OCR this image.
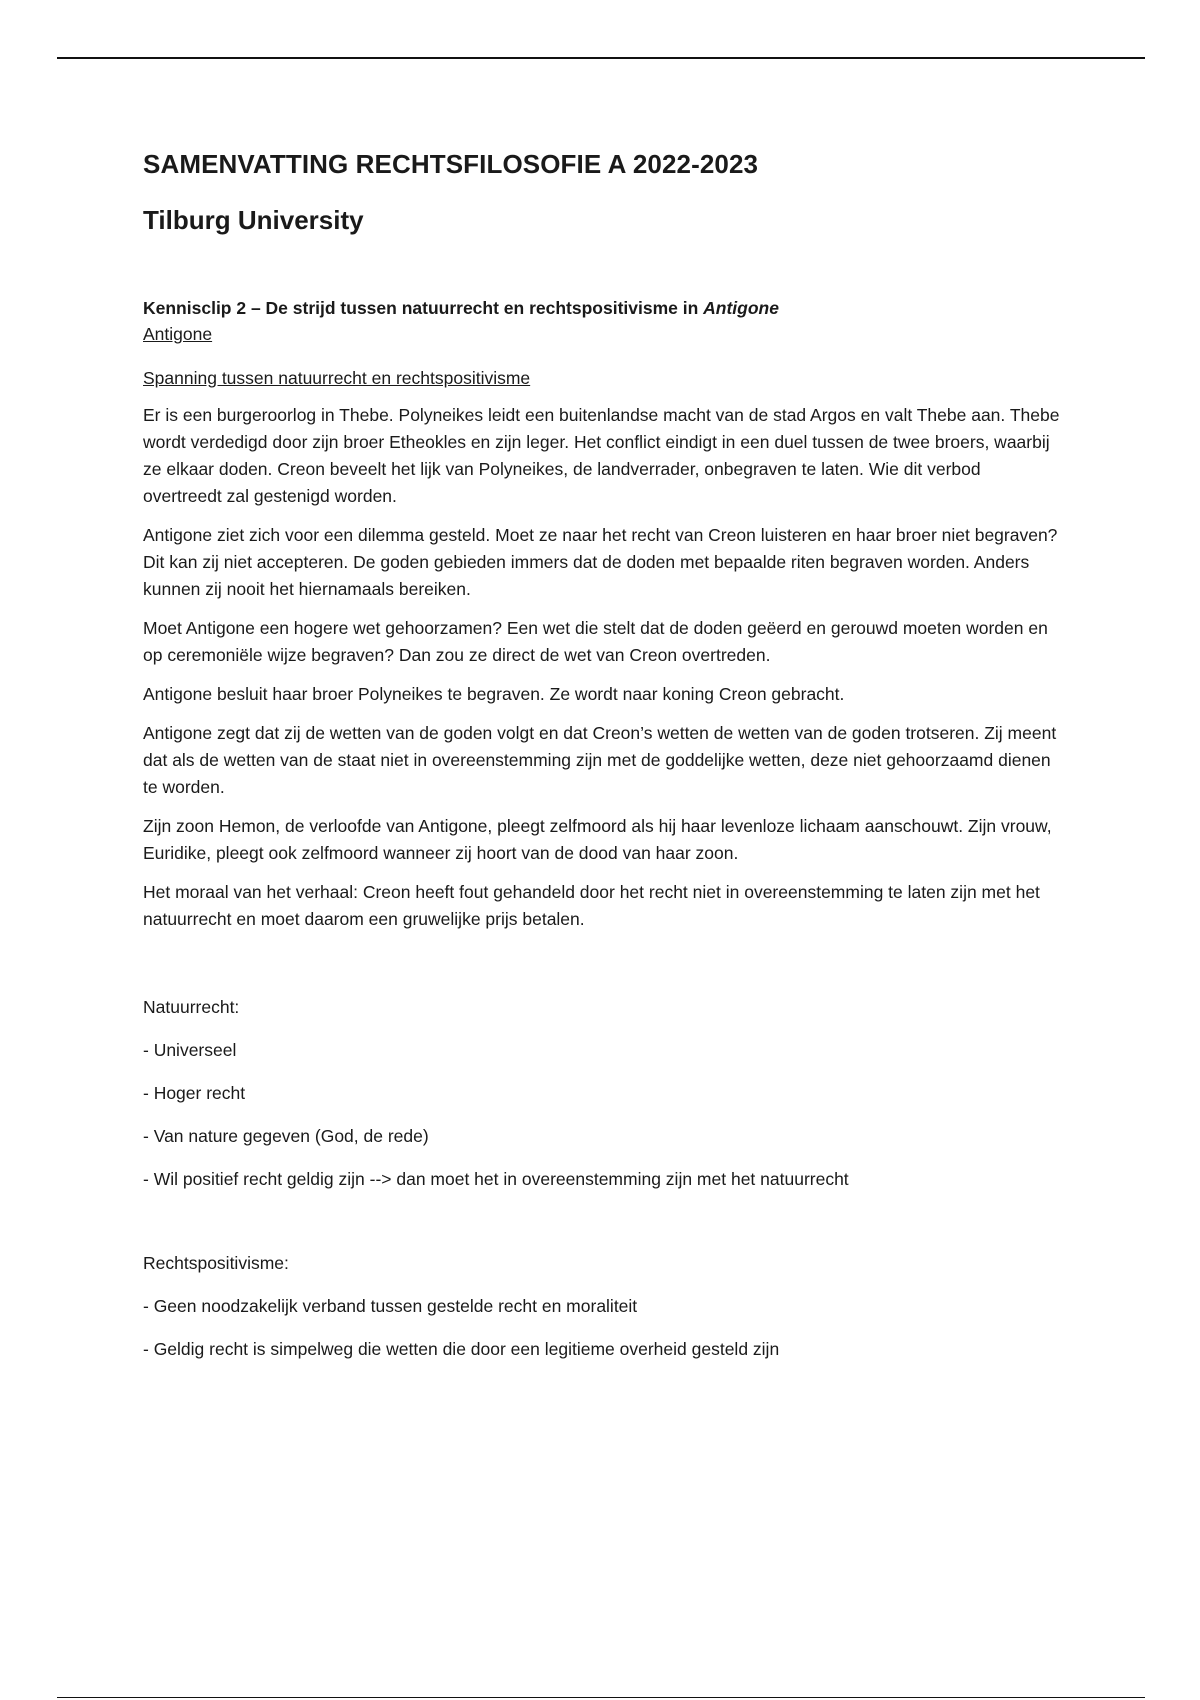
SAMENVATTING RECHTSFILOSOFIE A 2022-2023
Tilburg University
Kennisclip 2 – De strijd tussen natuurrecht en rechtspositivisme in Antigone
Antigone
Spanning tussen natuurrecht en rechtspositivisme

Er is een burgeroorlog in Thebe. Polyneikes leidt een buitenlandse macht van de stad Argos en valt Thebe aan. Thebe wordt verdedigd door zijn broer Etheokles en zijn leger. Het conflict eindigt in een duel tussen de twee broers, waarbij ze elkaar doden. Creon beveelt het lijk van Polyneikes, de landverrader, onbegraven te laten. Wie dit verbod overtreedt zal gestenigd worden.

Antigone ziet zich voor een dilemma gesteld. Moet ze naar het recht van Creon luisteren en haar broer niet begraven? Dit kan zij niet accepteren. De goden gebieden immers dat de doden met bepaalde riten begraven worden. Anders kunnen zij nooit het hiernamaals bereiken.

Moet Antigone een hogere wet gehoorzamen? Een wet die stelt dat de doden geëerd en gerouwd moeten worden en op ceremoniële wijze begraven? Dan zou ze direct de wet van Creon overtreden.

Antigone besluit haar broer Polyneikes te begraven. Ze wordt naar koning Creon gebracht.

Antigone zegt dat zij de wetten van de goden volgt en dat Creon’s wetten de wetten van de goden trotseren. Zij meent dat als de wetten van de staat niet in overeenstemming zijn met de goddelijke wetten, deze niet gehoorzaamd dienen te worden.

Zijn zoon Hemon, de verloofde van Antigone, pleegt zelfmoord als hij haar levenloze lichaam aanschouwt. Zijn vrouw, Euridike, pleegt ook zelfmoord wanneer zij hoort van de dood van haar zoon.

Het moraal van het verhaal: Creon heeft fout gehandeld door het recht niet in overeenstemming te laten zijn met het natuurrecht en moet daarom een gruwelijke prijs betalen.

Natuurrecht:
- Universeel
- Hoger recht
- Van nature gegeven (God, de rede)
- Wil positief recht geldig zijn --> dan moet het in overeenstemming zijn met het natuurrecht
Rechtspositivisme:
- Geen noodzakelijk verband tussen gestelde recht en moraliteit
- Geldig recht is simpelweg die wetten die door een legitieme overheid gesteld zijn
